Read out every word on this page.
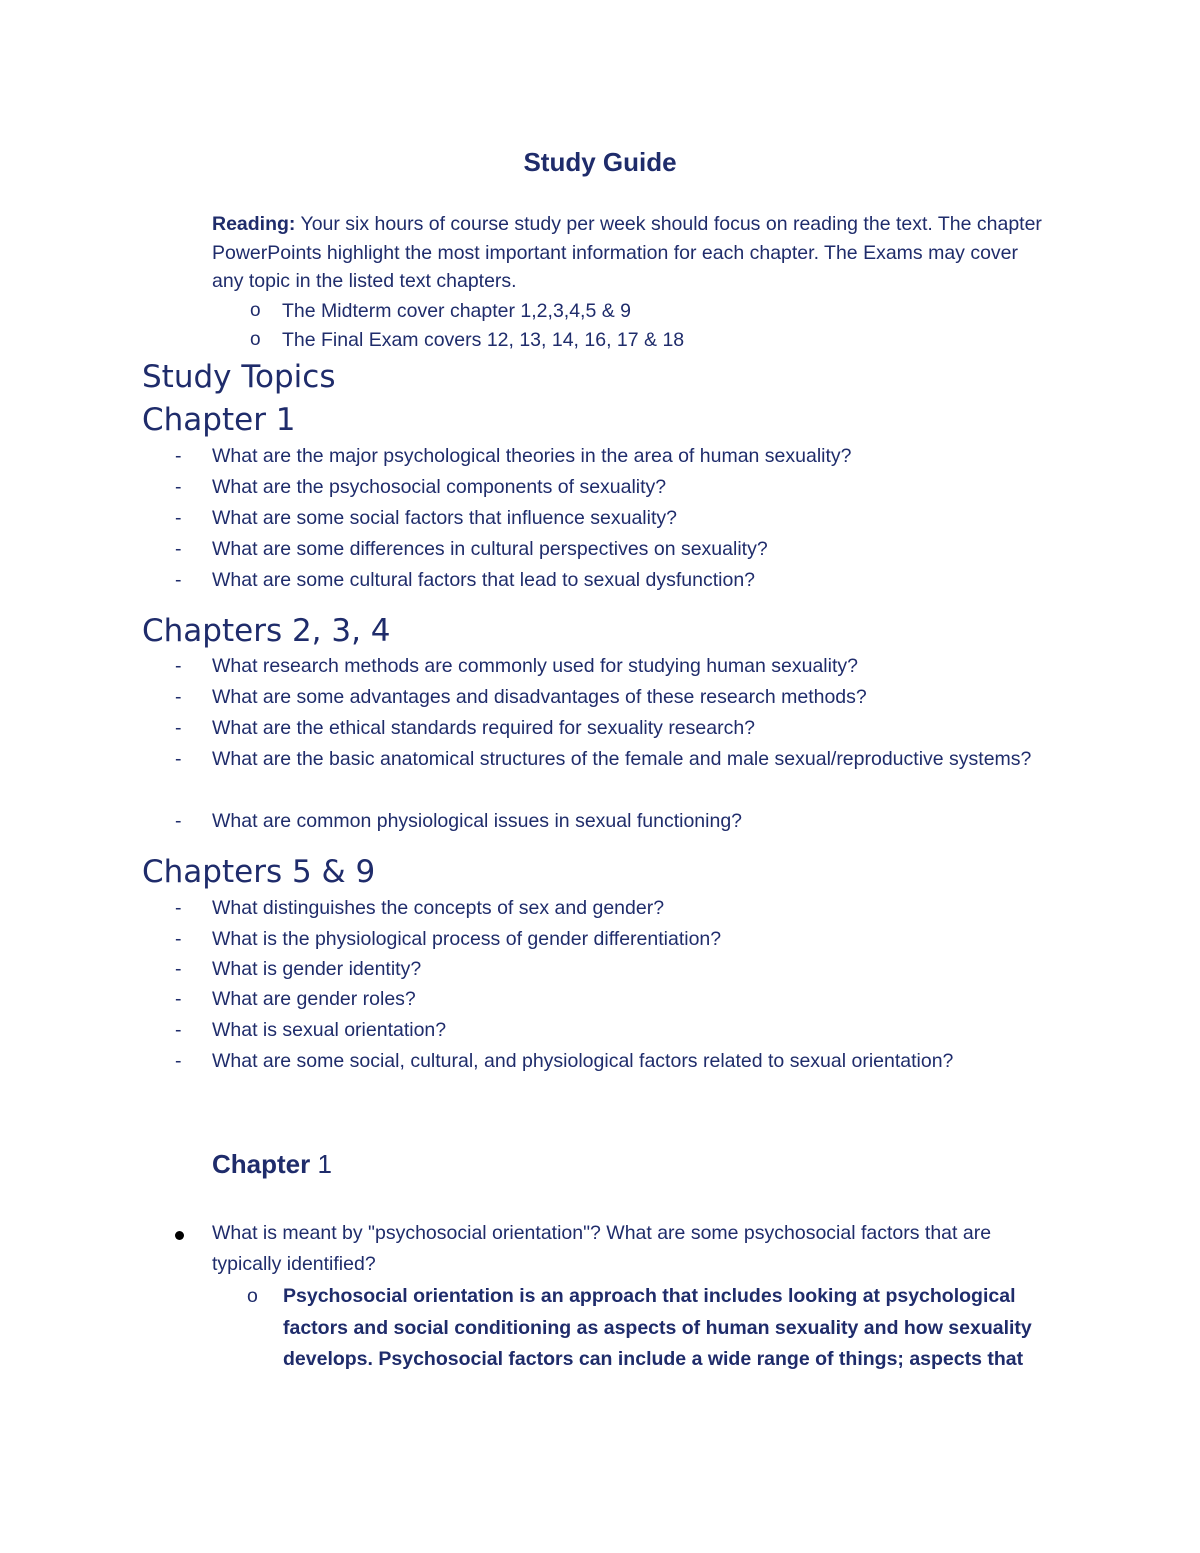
Study Guide
Reading: Your six hours of course study per week should focus on reading the text. The chapter PowerPoints highlight the most important information for each chapter. The Exams may cover any topic in the listed text chapters.
o	The Midterm cover chapter 1,2,3,4,5 & 9
o	The Final Exam covers 12, 13, 14, 16, 17 & 18
Study Topics
Chapter 1
- What are the major psychological theories in the area of human sexuality?
- What are the psychosocial components of sexuality?
- What are some social factors that influence sexuality?
- What are some differences in cultural perspectives on sexuality?
- What are some cultural factors that lead to sexual dysfunction?
Chapters 2, 3, 4
- What research methods are commonly used for studying human sexuality?
- What are some advantages and disadvantages of these research methods?
- What are the ethical standards required for sexuality research?
- What are the basic anatomical structures of the female and male sexual/reproductive systems?
- What are common physiological issues in sexual functioning?
Chapters 5 & 9
- What distinguishes the concepts of sex and gender?
- What is the physiological process of gender differentiation?
- What is gender identity?
- What are gender roles?
- What is sexual orientation?
- What are some social, cultural, and physiological factors related to sexual orientation?
Chapter 1
What is meant by "psychosocial orientation"? What are some psychosocial factors that are typically identified?
o Psychosocial orientation is an approach that includes looking at psychological factors and social conditioning as aspects of human sexuality and how sexuality develops. Psychosocial factors can include a wide range of things; aspects that
